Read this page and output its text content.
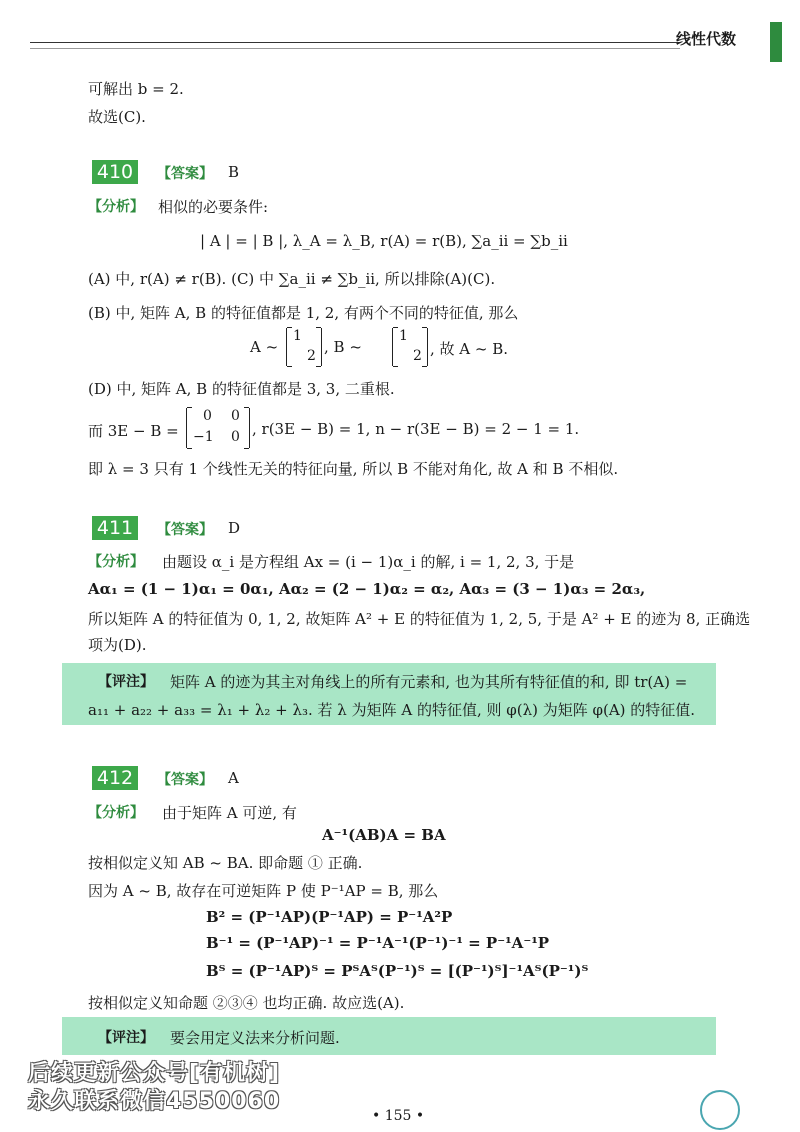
线性代数
可解出 b = 2.
故选(C).
410	【答案】 B
【分析】 相似的必要条件:
| A | = | B |, λ_A = λ_B, r(A) = r(B), ∑a_ii = ∑b_ii
(A) 中, r(A) ≠ r(B). (C) 中 ∑a_ii ≠ ∑b_ii, 所以排除(A)(C).
(B) 中, 矩阵 A, B 的特征值都是 1, 2, 有两个不同的特征值, 那么
A ~
1
2 , B ~
1
2 , 故 A ~ B.
(D) 中, 矩阵 A, B 的特征值都是 3, 3, 二重根.
而 3E − B =
0 0
−1 0 , r(3E − B) = 1, n − r(3E − B) = 2 − 1 = 1.
即 λ = 3 只有 1 个线性无关的特征向量, 所以 B 不能对角化, 故 A 和 B 不相似.
411	【答案】 D
【分析】 由题设 α_i 是方程组 Ax = (i − 1)α_i 的解, i = 1, 2, 3, 于是
Aα₁ = (1 − 1)α₁ = 0α₁, Aα₂ = (2 − 1)α₂ = α₂, Aα₃ = (3 − 1)α₃ = 2α₃,
所以矩阵 A 的特征值为 0, 1, 2, 故矩阵 A² + E 的特征值为 1, 2, 5, 于是 A² + E 的迹为 8, 正确选
项为(D).
【评注】 矩阵 A 的迹为其主对角线上的所有元素和, 也为其所有特征值的和, 即 tr(A) =
a₁₁ + a₂₂ + a₃₃ = λ₁ + λ₂ + λ₃. 若 λ 为矩阵 A 的特征值, 则 φ(λ) 为矩阵 φ(A) 的特征值.
412	【答案】 A
【分析】 由于矩阵 A 可逆, 有
A⁻¹(AB)A = BA
按相似定义知 AB ~ BA. 即命题 ① 正确.
因为 A ~ B, 故存在可逆矩阵 P 使 P⁻¹AP = B, 那么
B² = (P⁻¹AP)(P⁻¹AP) = P⁻¹A²P
B⁻¹ = (P⁻¹AP)⁻¹ = P⁻¹A⁻¹(P⁻¹)⁻¹ = P⁻¹A⁻¹P
Bᵀ = (P⁻¹AP)ᵀ = PᵀAᵀ(P⁻¹)ᵀ = [(P⁻¹)ᵀ]⁻¹Aᵀ(P⁻¹)ᵀ
按相似定义知命题 ②③④ 也均正确. 故应选(A).
【评注】 要会用定义法来分析问题.
后续更新公众号[有机树]
永久联系微信4550060
• 155 •
